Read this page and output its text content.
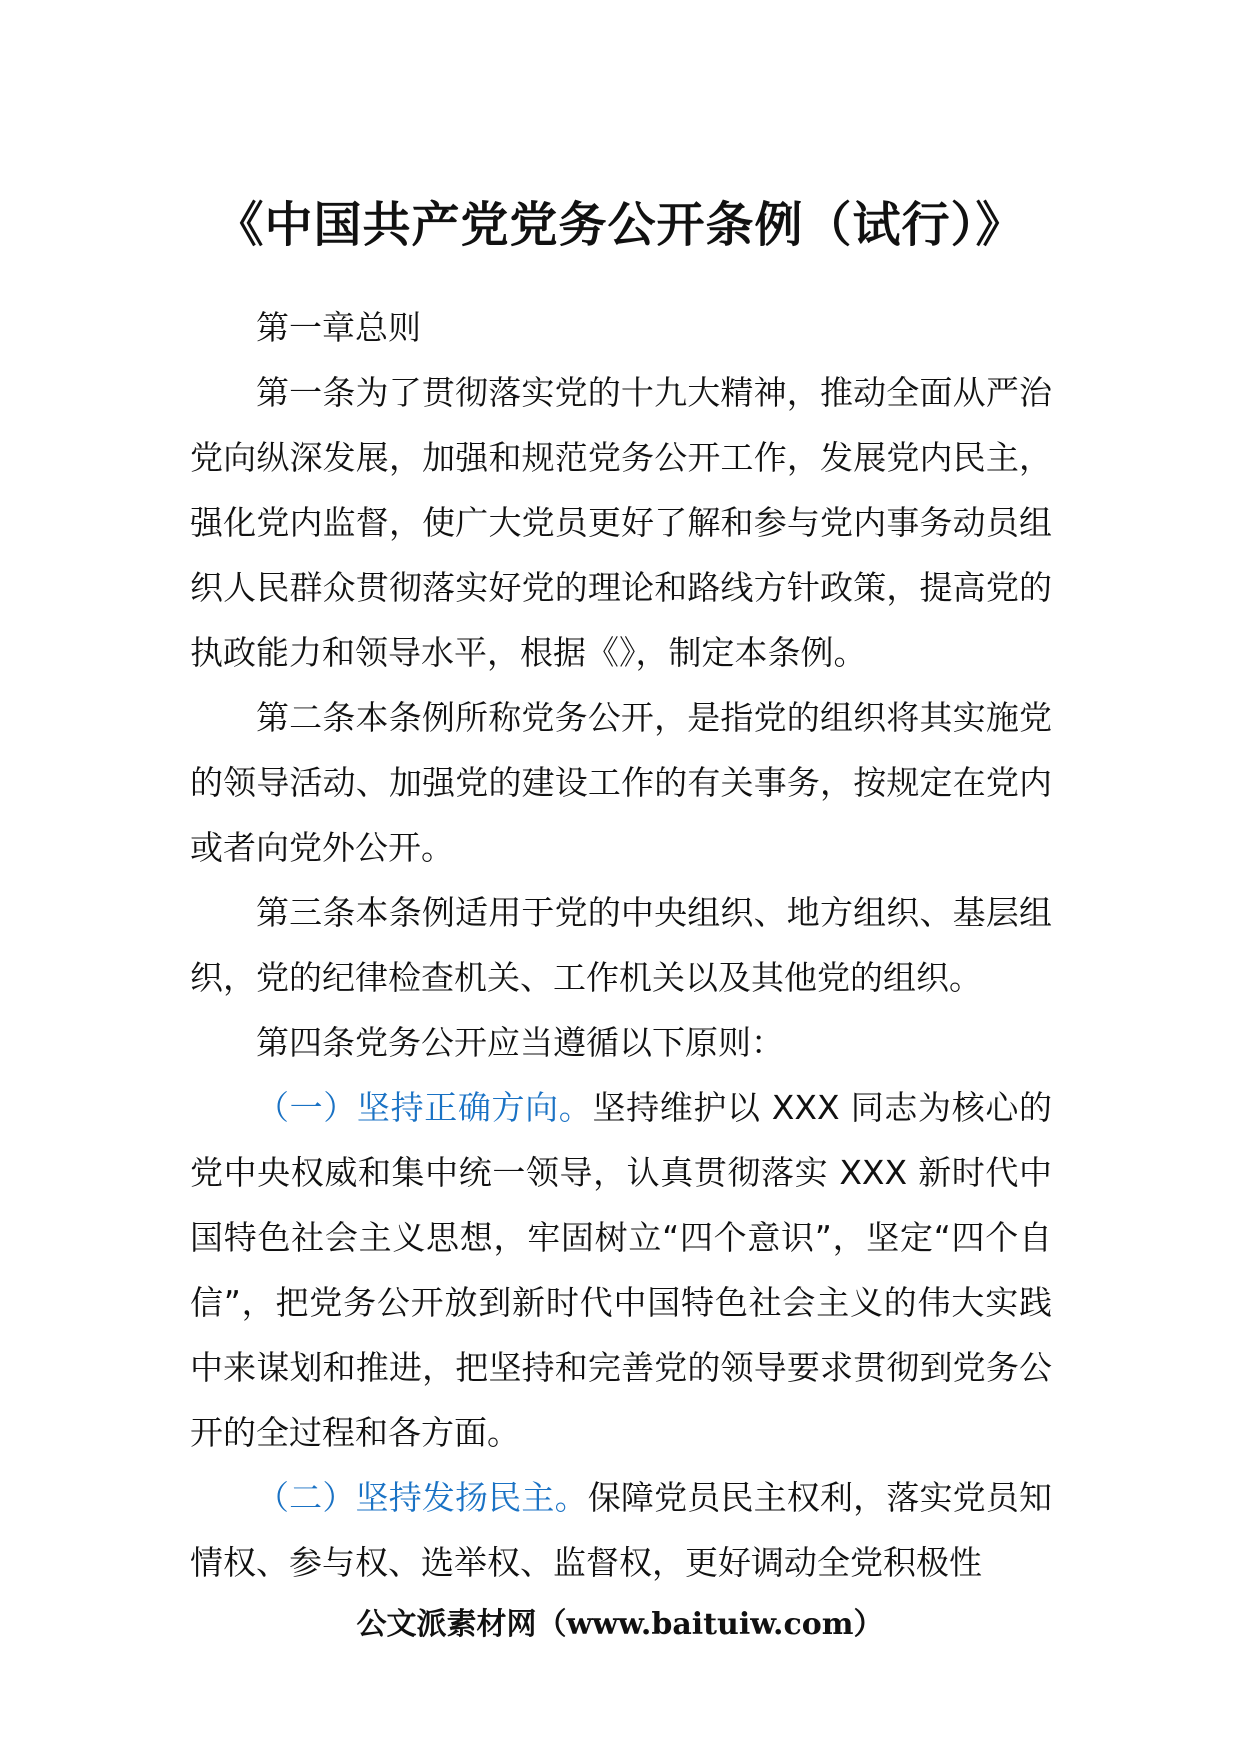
《中国共产党党务公开条例（试行）》

第一章总则

第一条为了贯彻落实党的十九大精神，推动全面从严治党向纵深发展，加强和规范党务公开工作，发展党内民主，强化党内监督，使广大党员更好了解和参与党内事务动员组织人民群众贯彻落实好党的理论和路线方针政策，提高党的执政能力和领导水平，根据《》，制定本条例。

第二条本条例所称党务公开，是指党的组织将其实施党的领导活动、加强党的建设工作的有关事务，按规定在党内或者向党外公开。

第三条本条例适用于党的中央组织、地方组织、基层组织，党的纪律检查机关、工作机关以及其他党的组织。

第四条党务公开应当遵循以下原则：

（一）坚持正确方向。坚持维护以 XXX 同志为核心的党中央权威和集中统一领导，认真贯彻落实 XXX 新时代中国特色社会主义思想，牢固树立“四个意识”，坚定“四个自信”，把党务公开放到新时代中国特色社会主义的伟大实践中来谋划和推进，把坚持和完善党的领导要求贯彻到党务公开的全过程和各方面。

（二）坚持发扬民主。保障党员民主权利，落实党员知情权、参与权、选举权、监督权，更好调动全党积极性

公文派素材网（www.baituiw.com）
